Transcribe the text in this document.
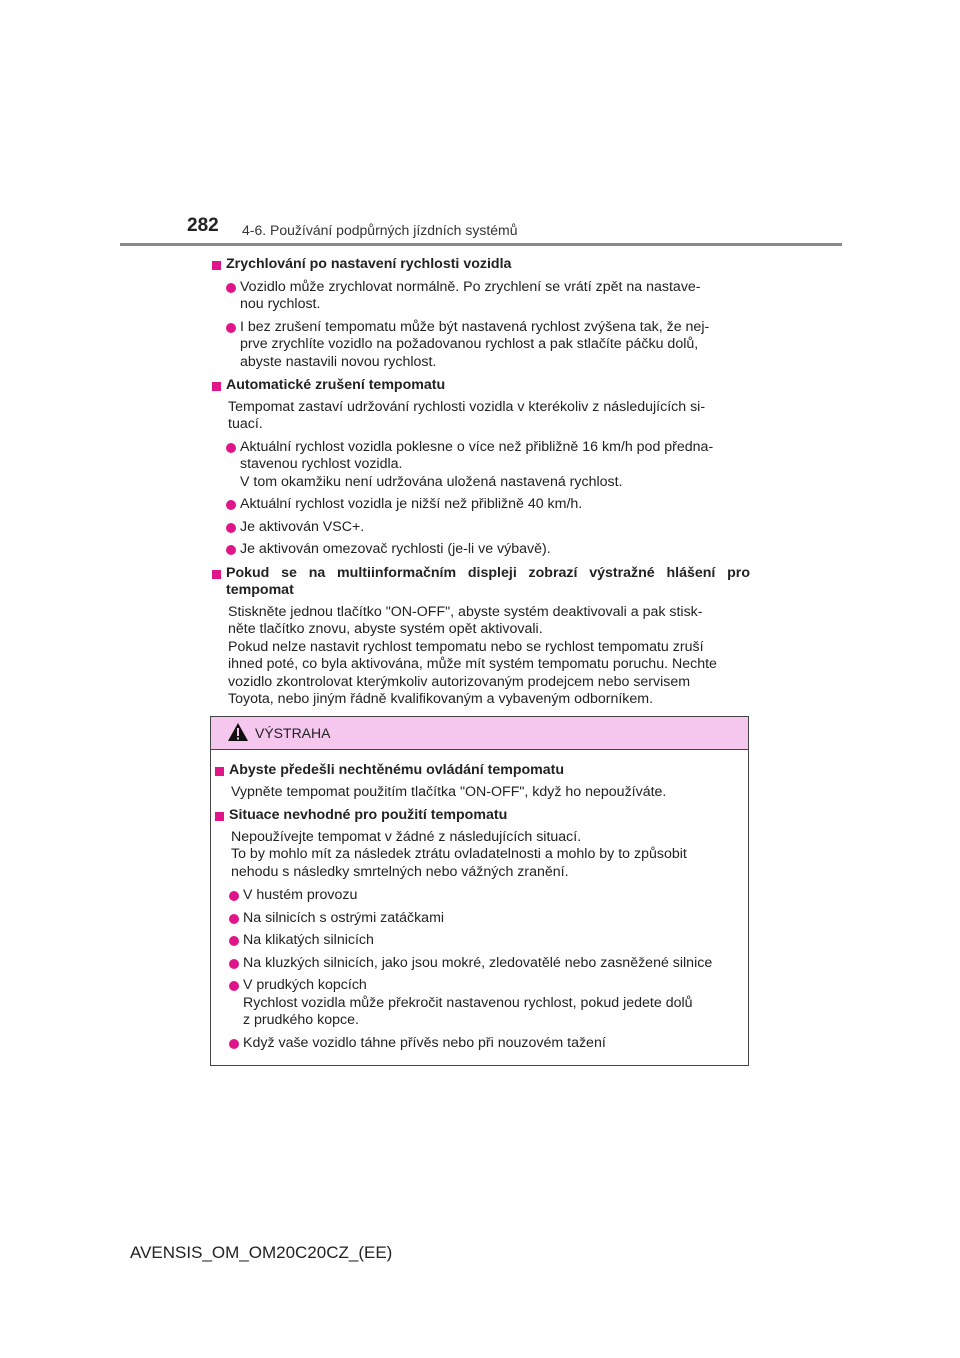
282 4-6. Používání podpůrných jízdních systémů
Zrychlování po nastavení rychlosti vozidla
Vozidlo může zrychlovat normálně. Po zrychlení se vrátí zpět na nastave-
nou rychlost.
I bez zrušení tempomatu může být nastavená rychlost zvýšena tak, že nej-
prve zrychlíte vozidlo na požadovanou rychlost a pak stlačíte páčku dolů,
abyste nastavili novou rychlost.
Automatické zrušení tempomatu
Tempomat zastaví udržování rychlosti vozidla v kterékoliv z následujících si-
tuací.
Aktuální rychlost vozidla poklesne o více než přibližně 16 km/h pod předna-
stavenou rychlost vozidla.
V tom okamžiku není udržována uložená nastavená rychlost.
Aktuální rychlost vozidla je nižší než přibližně 40 km/h.
Je aktivován VSC+.
Je aktivován omezovač rychlosti (je-li ve výbavě).
Pokud se na multiinformačním displeji zobrazí výstražné hlášení pro
tempomat
Stiskněte jednou tlačítko "ON-OFF", abyste systém deaktivovali a pak stisk-
něte tlačítko znovu, abyste systém opět aktivovali.
Pokud nelze nastavit rychlost tempomatu nebo se rychlost tempomatu zruší
ihned poté, co byla aktivována, může mít systém tempomatu poruchu. Nechte
vozidlo zkontrolovat kterýmkoliv autorizovaným prodejcem nebo servisem
Toyota, nebo jiným řádně kvalifikovaným a vybaveným odborníkem.
VÝSTRAHA
Abyste předešli nechtěnému ovládání tempomatu
Vypněte tempomat použitím tlačítka "ON-OFF", když ho nepoužíváte.
Situace nevhodné pro použití tempomatu
Nepoužívejte tempomat v žádné z následujících situací.
To by mohlo mít za následek ztrátu ovladatelnosti a mohlo by to způsobit
nehodu s následky smrtelných nebo vážných zranění.
V hustém provozu
Na silnicích s ostrými zatáčkami
Na klikatých silnicích
Na kluzkých silnicích, jako jsou mokré, zledovatělé nebo zasněžené silnice
V prudkých kopcích
Rychlost vozidla může překročit nastavenou rychlost, pokud jedete dolů
z prudkého kopce.
Když vaše vozidlo táhne přívěs nebo při nouzovém tažení
AVENSIS_OM_OM20C20CZ_(EE)
